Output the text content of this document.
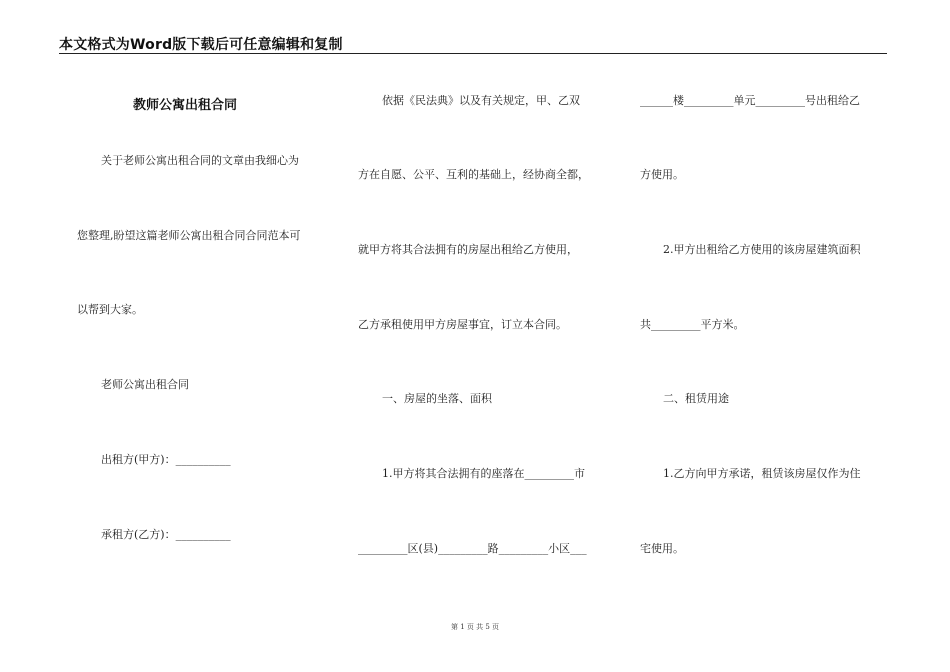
本文格式为Word版下载后可任意编辑和复制
教师公寓出租合同
关于老师公寓出租合同的文章由我细心为
您整理,盼望这篇老师公寓出租合同合同范本可
以帮到大家。
老师公寓出租合同
出租方(甲方)：__________
承租方(乙方)：__________
依据《民法典》以及有关规定，甲、乙双
方在自愿、公平、互利的基础上，经协商全都，
就甲方将其合法拥有的房屋出租给乙方使用，
乙方承租使用甲方房屋事宜，订立本合同。
一、房屋的坐落、面积
1.甲方将其合法拥有的座落在_________市
_________区(县)_________路_________小区___
______楼_________单元_________号出租给乙
方使用。
2.甲方出租给乙方使用的该房屋建筑面积
共_________平方米。
二、租赁用途
1.乙方向甲方承诺，租赁该房屋仅作为住
宅使用。
第 1 页 共 5 页
